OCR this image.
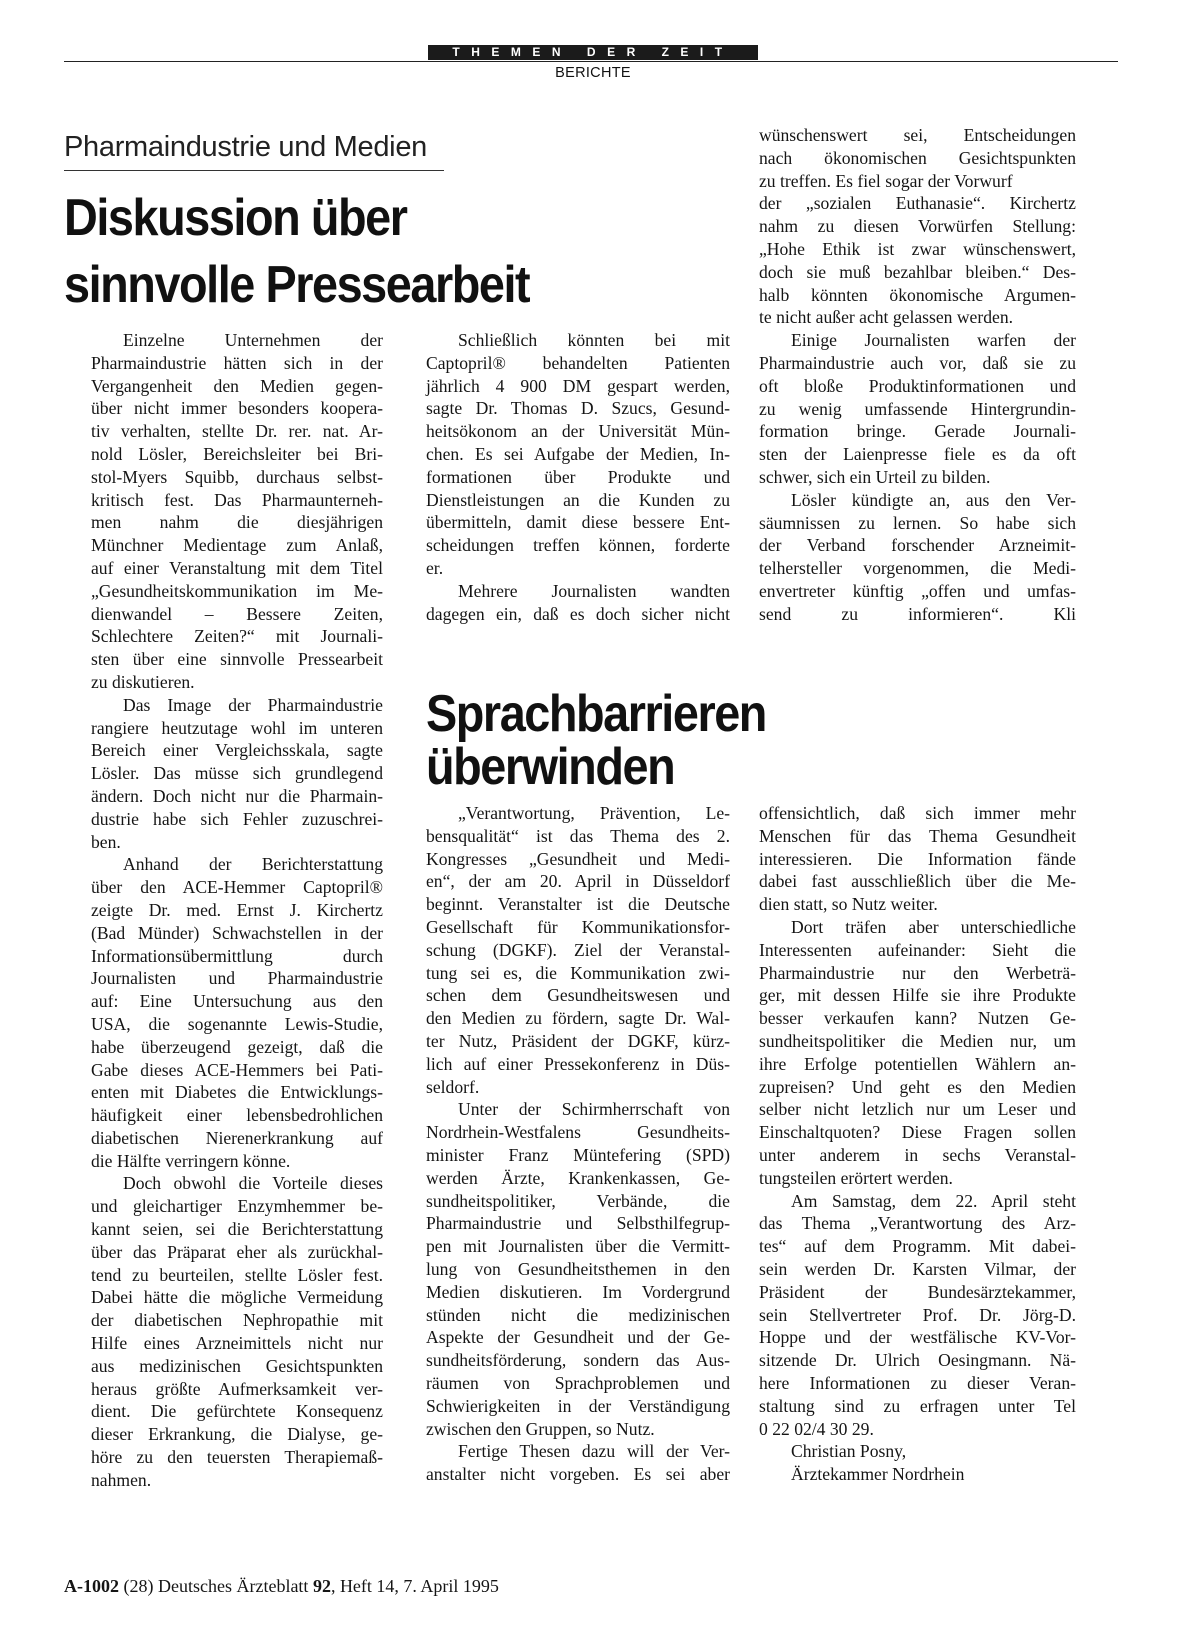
THEMEN DER ZEIT
BERICHTE
Pharmaindustrie und Medien
Diskussion über
sinnvolle Pressearbeit
Einzelne Unternehmen der
Pharmaindustrie hätten sich in der
Vergangenheit den Medien gegen-
über nicht immer besonders koopera-
tiv verhalten, stellte Dr. rer. nat. Ar-
nold Lösler, Bereichsleiter bei Bri-
stol-Myers Squibb, durchaus selbst-
kritisch fest. Das Pharmaunterneh-
men nahm die diesjährigen
Münchner Medientage zum Anlaß,
auf einer Veranstaltung mit dem Titel
„Gesundheitskommunikation im Me-
dienwandel – Bessere Zeiten,
Schlechtere Zeiten?“ mit Journali-
sten über eine sinnvolle Pressearbeit
zu diskutieren.
Das Image der Pharmaindustrie
rangiere heutzutage wohl im unteren
Bereich einer Vergleichsskala, sagte
Lösler. Das müsse sich grundlegend
ändern. Doch nicht nur die Pharmain-
dustrie habe sich Fehler zuzuschrei-
ben.
Anhand der Berichterstattung
über den ACE-Hemmer Captopril®
zeigte Dr. med. Ernst J. Kirchertz
(Bad Münder) Schwachstellen in der
Informationsübermittlung durch
Journalisten und Pharmaindustrie
auf: Eine Untersuchung aus den
USA, die sogenannte Lewis-Studie,
habe überzeugend gezeigt, daß die
Gabe dieses ACE-Hemmers bei Pati-
enten mit Diabetes die Entwicklungs-
häufigkeit einer lebensbedrohlichen
diabetischen Nierenerkrankung auf
die Hälfte verringern könne.
Doch obwohl die Vorteile dieses
und gleichartiger Enzymhemmer be-
kannt seien, sei die Berichterstattung
über das Präparat eher als zurückhal-
tend zu beurteilen, stellte Lösler fest.
Dabei hätte die mögliche Vermeidung
der diabetischen Nephropathie mit
Hilfe eines Arzneimittels nicht nur
aus medizinischen Gesichtspunkten
heraus größte Aufmerksamkeit ver-
dient. Die gefürchtete Konsequenz
dieser Erkrankung, die Dialyse, ge-
höre zu den teuersten Therapiemaß-
nahmen.
Schließlich könnten bei mit
Captopril® behandelten Patienten
jährlich 4 900 DM gespart werden,
sagte Dr. Thomas D. Szucs, Gesund-
heitsökonom an der Universität Mün-
chen. Es sei Aufgabe der Medien, In-
formationen über Produkte und
Dienstleistungen an die Kunden zu
übermitteln, damit diese bessere Ent-
scheidungen treffen können, forderte
er.
Mehrere Journalisten wandten
dagegen ein, daß es doch sicher nicht
wünschenswert sei, Entscheidungen
nach ökonomischen Gesichtspunkten
zu treffen. Es fiel sogar der Vorwurf
der „sozialen Euthanasie“. Kirchertz
nahm zu diesen Vorwürfen Stellung:
„Hohe Ethik ist zwar wünschenswert,
doch sie muß bezahlbar bleiben.“ Des-
halb könnten ökonomische Argumen-
te nicht außer acht gelassen werden.
Einige Journalisten warfen der
Pharmaindustrie auch vor, daß sie zu
oft bloße Produktinformationen und
zu wenig umfassende Hintergrundin-
formation bringe. Gerade Journali-
sten der Laienpresse fiele es da oft
schwer, sich ein Urteil zu bilden.
Lösler kündigte an, aus den Ver-
säumnissen zu lernen. So habe sich
der Verband forschender Arzneimit-
telhersteller vorgenommen, die Medi-
envertreter künftig „offen und umfas-
send zu informieren“. Kli
Sprachbarrieren
überwinden
„Verantwortung, Prävention, Le-
bensqualität“ ist das Thema des 2.
Kongresses „Gesundheit und Medi-
en“, der am 20. April in Düsseldorf
beginnt. Veranstalter ist die Deutsche
Gesellschaft für Kommunikationsfor-
schung (DGKF). Ziel der Veranstal-
tung sei es, die Kommunikation zwi-
schen dem Gesundheitswesen und
den Medien zu fördern, sagte Dr. Wal-
ter Nutz, Präsident der DGKF, kürz-
lich auf einer Pressekonferenz in Düs-
seldorf.
Unter der Schirmherrschaft von
Nordrhein-Westfalens Gesundheits-
minister Franz Müntefering (SPD)
werden Ärzte, Krankenkassen, Ge-
sundheitspolitiker, Verbände, die
Pharmaindustrie und Selbsthilfegrup-
pen mit Journalisten über die Vermitt-
lung von Gesundheitsthemen in den
Medien diskutieren. Im Vordergrund
stünden nicht die medizinischen
Aspekte der Gesundheit und der Ge-
sundheitsförderung, sondern das Aus-
räumen von Sprachproblemen und
Schwierigkeiten in der Verständigung
zwischen den Gruppen, so Nutz.
Fertige Thesen dazu will der Ver-
anstalter nicht vorgeben. Es sei aber
offensichtlich, daß sich immer mehr
Menschen für das Thema Gesundheit
interessieren. Die Information fände
dabei fast ausschließlich über die Me-
dien statt, so Nutz weiter.
Dort träfen aber unterschiedliche
Interessenten aufeinander: Sieht die
Pharmaindustrie nur den Werbeträ-
ger, mit dessen Hilfe sie ihre Produkte
besser verkaufen kann? Nutzen Ge-
sundheitspolitiker die Medien nur, um
ihre Erfolge potentiellen Wählern an-
zupreisen? Und geht es den Medien
selber nicht letzlich nur um Leser und
Einschaltquoten? Diese Fragen sollen
unter anderem in sechs Veranstal-
tungsteilen erörtert werden.
Am Samstag, dem 22. April steht
das Thema „Verantwortung des Arz-
tes“ auf dem Programm. Mit dabei-
sein werden Dr. Karsten Vilmar, der
Präsident der Bundesärztekammer,
sein Stellvertreter Prof. Dr. Jörg-D.
Hoppe und der westfälische KV-Vor-
sitzende Dr. Ulrich Oesingmann. Nä-
here Informationen zu dieser Veran-
staltung sind zu erfragen unter Tel
0 22 02/4 30 29.
Christian Posny,
Ärztekammer Nordrhein
A-1002 (28) Deutsches Ärzteblatt 92, Heft 14, 7. April 1995
